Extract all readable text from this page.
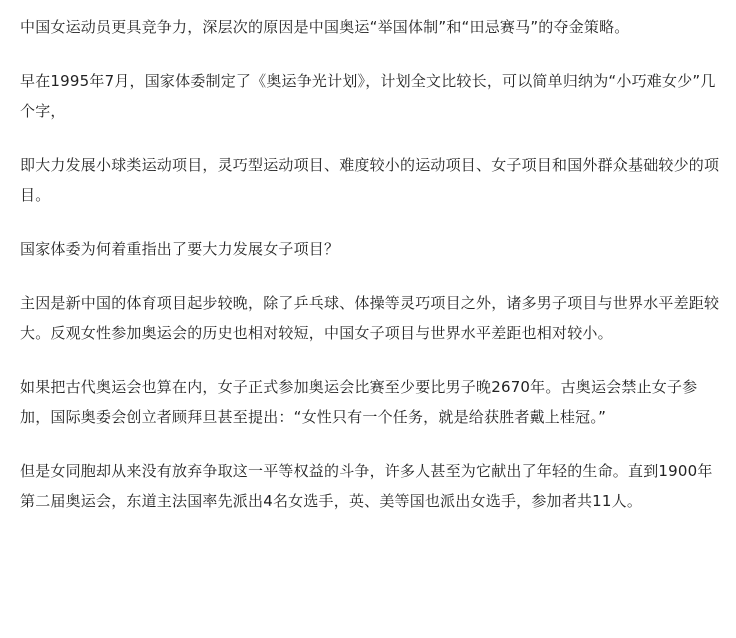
中国女运动员更具竞争力，深层次的原因是中国奥运“举国体制”和“田忌赛马”的夺金策略。

早在1995年7月，国家体委制定了《奥运争光计划》，计划全文比较长，可以简单归纳为“小巧难女少”几个字，

即大力发展小球类运动项目，灵巧型运动项目、难度较小的运动项目、女子项目和国外群众基础较少的项目。

国家体委为何着重指出了要大力发展女子项目？

主因是新中国的体育项目起步较晚，除了乒乓球、体操等灵巧项目之外，诸多男子项目与世界水平差距较大。反观女性参加奥运会的历史也相对较短，中国女子项目与世界水平差距也相对较小。

如果把古代奥运会也算在内，女子正式参加奥运会比赛至少要比男子晚2670年。古奥运会禁止女子参加，国际奥委会创立者顾拜旦甚至提出：“女性只有一个任务，就是给获胜者戴上桂冠。”

但是女同胞却从来没有放弃争取这一平等权益的斗争，许多人甚至为它献出了年轻的生命。直到1900年第二届奥运会，东道主法国率先派出4名女选手，英、美等国也派出女选手，参加者共11人。
